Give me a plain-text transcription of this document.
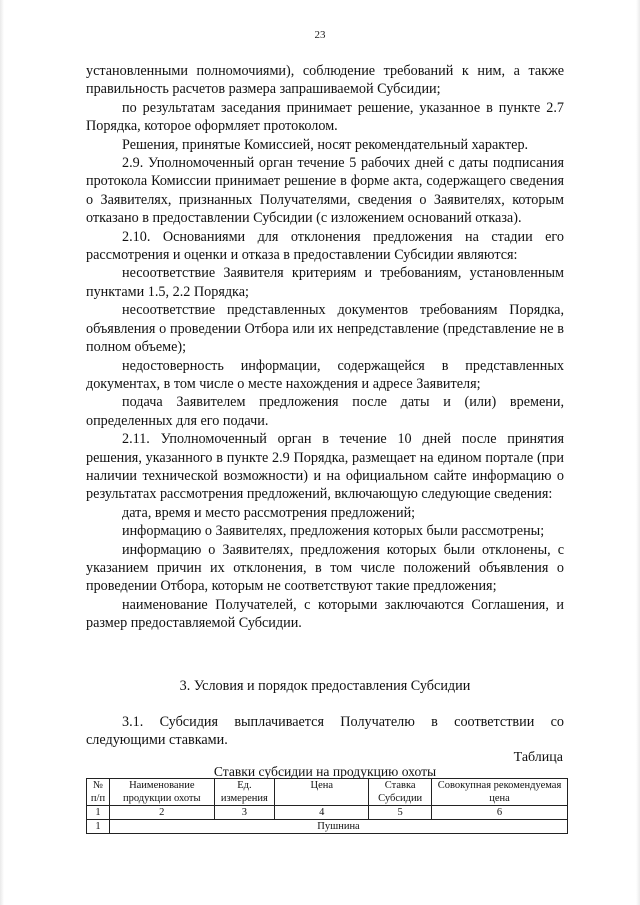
23

установленными полномочиями), соблюдение требований к ним, а также правильность расчетов размера запрашиваемой Субсидии;

по результатам заседания принимает решение, указанное в пункте 2.7 Порядка, которое оформляет протоколом.

Решения, принятые Комиссией, носят рекомендательный характер.

2.9. Уполномоченный орган течение 5 рабочих дней с даты подписания протокола Комиссии принимает решение в форме акта, содержащего сведения о Заявителях, признанных Получателями, сведения о Заявителях, которым отказано в предоставлении Субсидии (с изложением оснований отказа).

2.10. Основаниями для отклонения предложения на стадии его рассмотрения и оценки и отказа в предоставлении Субсидии являются:

несоответствие Заявителя критериям и требованиям, установленным пунктами 1.5, 2.2 Порядка;

несоответствие представленных документов требованиям Порядка, объявления о проведении Отбора или их непредставление (представление не в полном объеме);

недостоверность информации, содержащейся в представленных документах, в том числе о месте нахождения и адресе Заявителя;

подача Заявителем предложения после даты и (или) времени, определенных для его подачи.

2.11. Уполномоченный орган в течение 10 дней после принятия решения, указанного в пункте 2.9 Порядка, размещает на едином портале (при наличии технической возможности) и на официальном сайте информацию о результатах рассмотрения предложений, включающую следующие сведения:

дата, время и место рассмотрения предложений;

информацию о Заявителях, предложения которых были рассмотрены;

информацию о Заявителях, предложения которых были отклонены, с указанием причин их отклонения, в том числе положений объявления о проведении Отбора, которым не соответствуют такие предложения;

наименование Получателей, с которыми заключаются Соглашения, и размер предоставляемой Субсидии.

3. Условия и порядок предоставления Субсидии

3.1. Субсидия выплачивается Получателю в соответствии со следующими ставками.

Таблица
Ставки субсидии на продукцию охоты
№ п/п	Наименование продукции охоты	Ед. измерения	Цена	Ставка Субсидии	Совокупная рекомендуемая цена
1	2	3	4	5	6
1	Пушнина				
